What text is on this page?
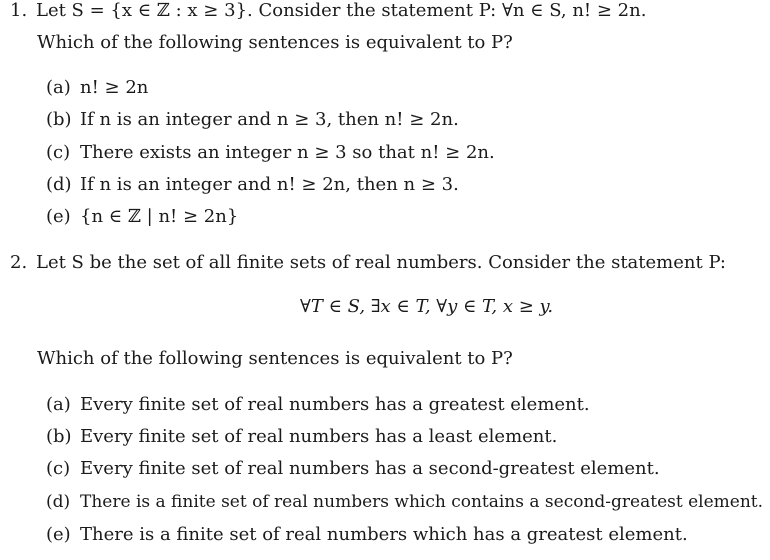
1. Let S = {x ∈ ℤ : x ≥ 3}. Consider the statement P: ∀n ∈ S, n! ≥ 2n.
Which of the following sentences is equivalent to P?
(a) n! ≥ 2n
(b) If n is an integer and n ≥ 3, then n! ≥ 2n.
(c) There exists an integer n ≥ 3 so that n! ≥ 2n.
(d) If n is an integer and n! ≥ 2n, then n ≥ 3.
(e) {n ∈ ℤ | n! ≥ 2n}
2. Let S be the set of all finite sets of real numbers. Consider the statement P:
∀T ∈ S, ∃x ∈ T, ∀y ∈ T, x ≥ y.
Which of the following sentences is equivalent to P?
(a) Every finite set of real numbers has a greatest element.
(b) Every finite set of real numbers has a least element.
(c) Every finite set of real numbers has a second-greatest element.
(d) There is a finite set of real numbers which contains a second-greatest element.
(e) There is a finite set of real numbers which has a greatest element.
